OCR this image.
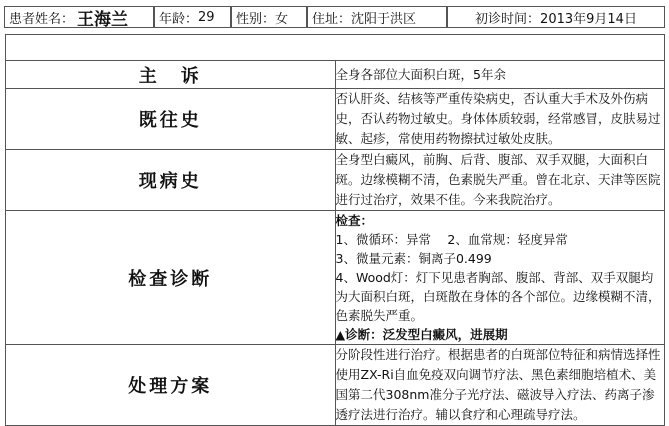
患者姓名： 王海兰 年龄： 29 性别： 女 住址： 沈阳于洪区	初诊时间： 2013年9月14日

主　诉	全身各部位大面积白斑，5年余
既往史	否认肝炎、结核等严重传染病史，否认重大手术及外伤病史，否认药物过敏史。身体体质较弱，经常感冒，皮肤易过敏、起疹，常使用药物擦拭过敏处皮肤。
现病史	全身型白癜风，前胸、后背、腹部、双手双腿，大面积白斑。边缘模糊不清，色素脱失严重。曾在北京、天津等医院进行过治疗，效果不佳。今来我院治疗。
检查诊断	检查：
1、微循环：异常　 2、血常规：轻度异常
3、微量元素：铜离子0.499
4、Wood灯：灯下见患者胸部、腹部、背部、双手双腿均为大面积白斑，白斑散在身体的各个部位。边缘模糊不清，色素脱失严重。
▲诊断：泛发型白癜风，进展期

处理方案	分阶段性进行治疗。根据患者的白斑部位特征和病情选择性使用ZX-Ri自血免疫双向调节疗法、黑色素细胞培植术、美国第二代308nm准分子光疗法、磁波导入疗法、药离子渗透疗法进行治疗。辅以食疗和心理疏导疗法。
